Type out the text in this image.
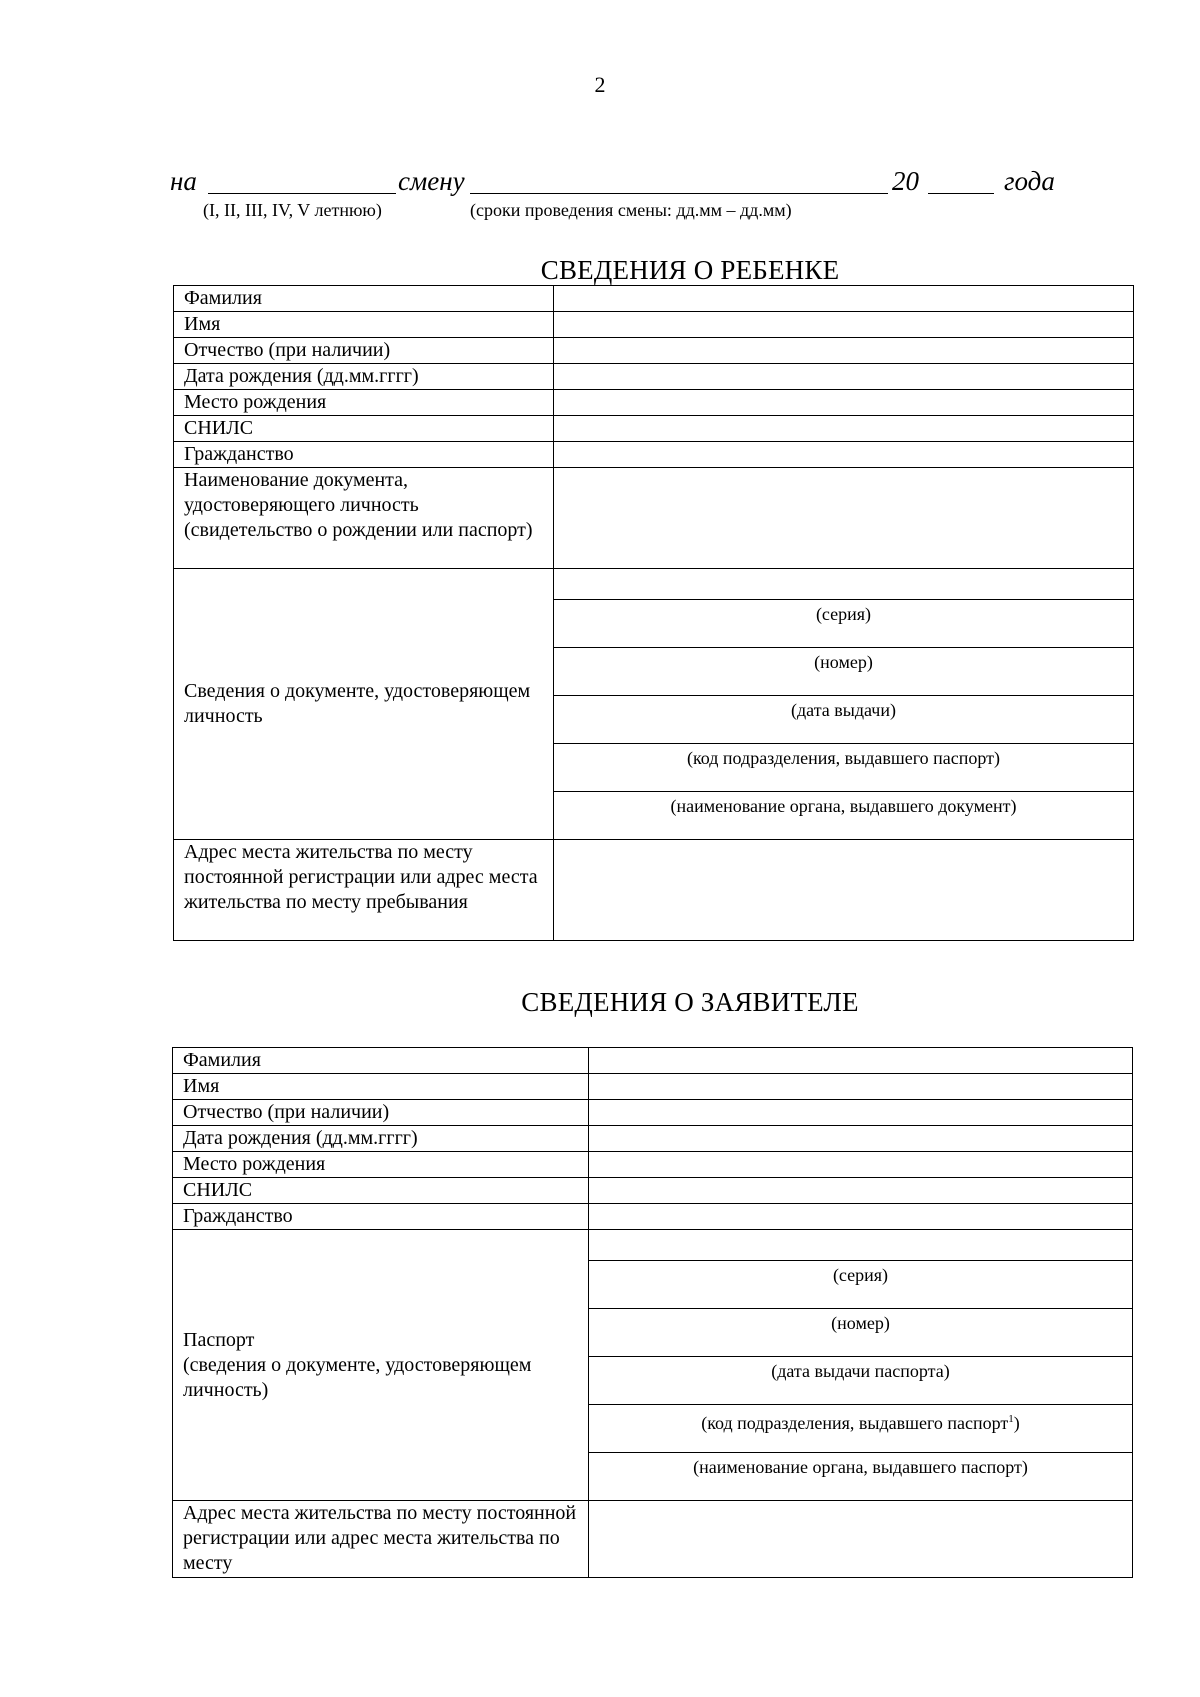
2
на	смену	20	года
(I, II, III, IV, V летнюю)	(сроки проведения смены: дд.мм – дд.мм)
СВЕДЕНИЯ О РЕБЕНКЕ
Фамилия	
Имя	
Отчество (при наличии)	
Дата рождения (дд.мм.гггг)	
Место рождения	
СНИЛС	
Гражданство	
Наименование документа, удостоверяющего личность (свидетельство о рождении или паспорт)	
Сведения о документе, удостоверяющем личность	
	(серия)
	(номер)
	(дата выдачи)
	(код подразделения, выдавшего паспорт)
	(наименование органа, выдавшего документ)
Адрес места жительства по месту постоянной регистрации или адрес места жительства по месту пребывания	
СВЕДЕНИЯ О ЗАЯВИТЕЛЕ
Фамилия	
Имя	
Отчество (при наличии)	
Дата рождения (дд.мм.гггг)	
Место рождения	
СНИЛС	
Гражданство	

Паспорт
(сведения о документе, удостоверяющем личность)	

	(серия)
	(номер)
	(дата выдачи паспорта)
	(код подразделения, выдавшего паспорт$^1$)
	(наименование органа, выдавшего паспорт)
Адрес места жительства по месту постоянной регистрации или адрес места жительства по месту	
